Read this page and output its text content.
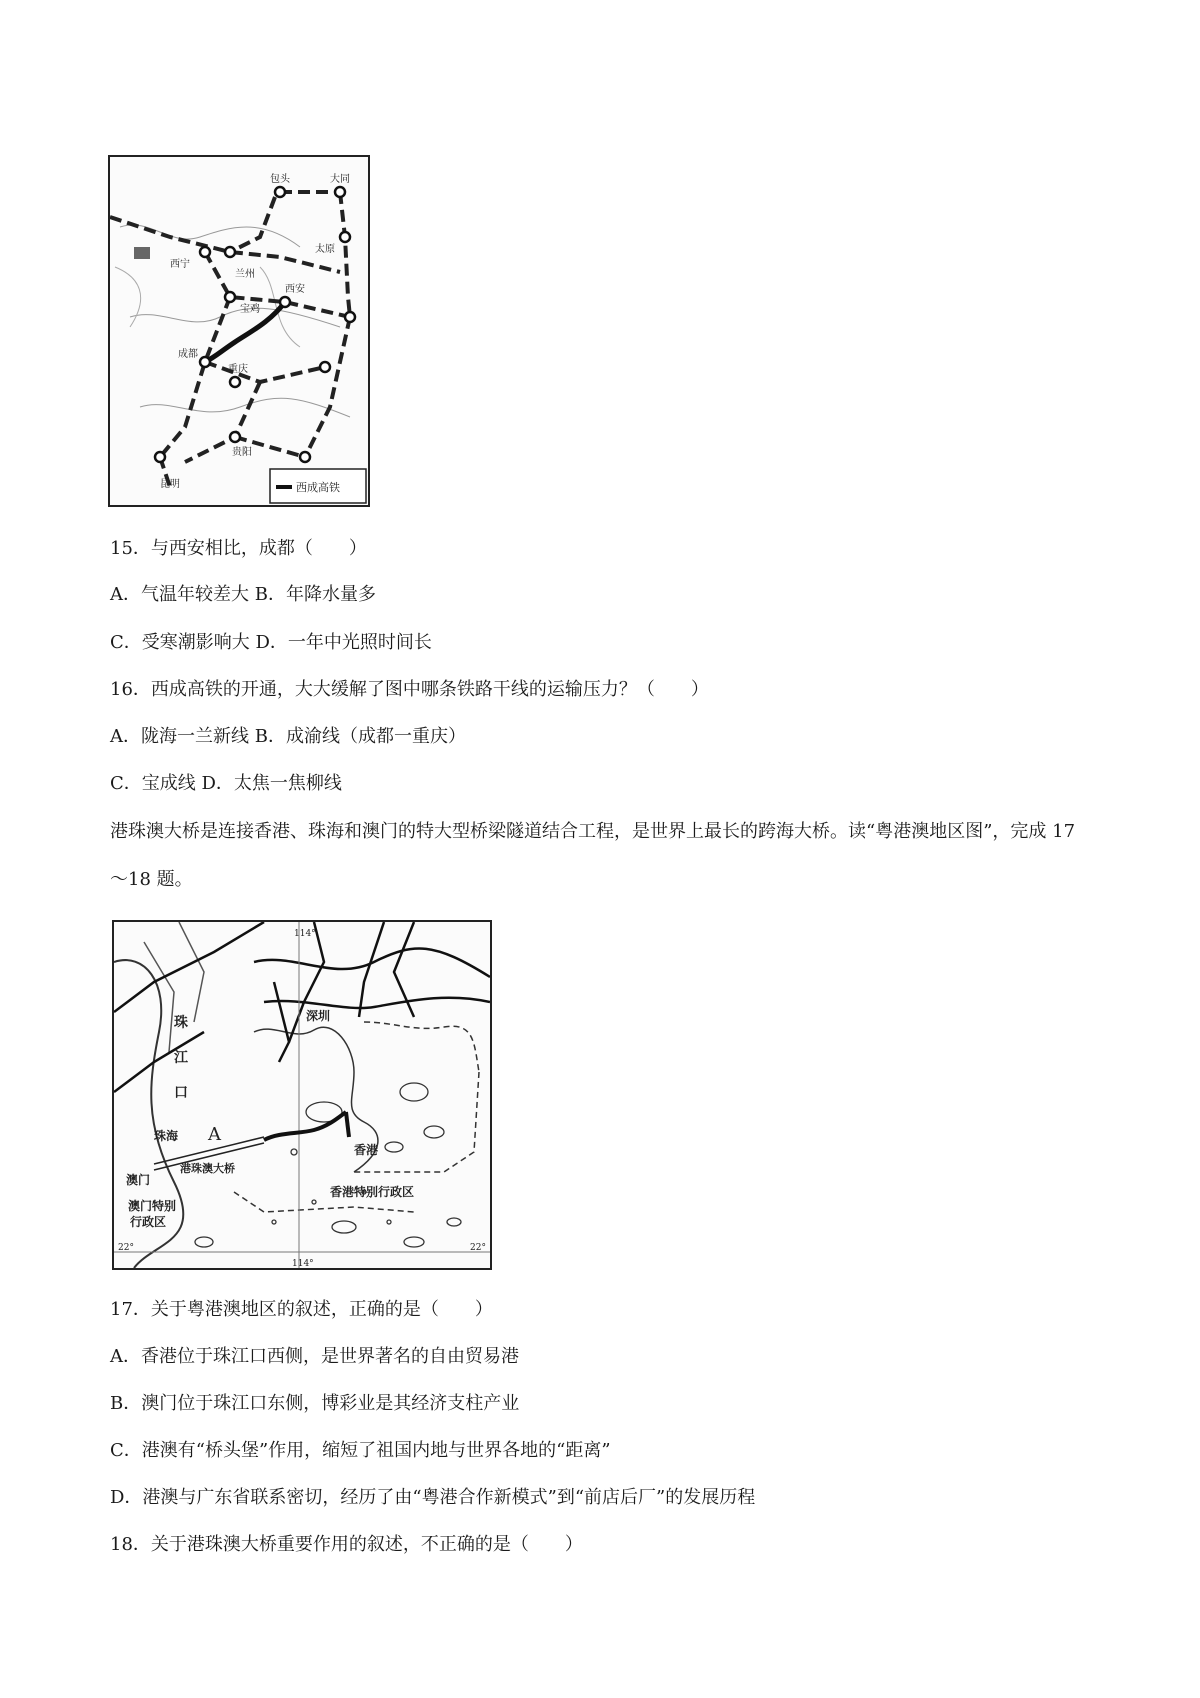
包头	大同
太原
西宁
兰州
宝鸡
西安
成都
重庆
贵阳
昆明	西成高铁
15．与西安相比，成都（　　）
A．气温年较差大 B．年降水量多
C．受寒潮影响大 D．一年中光照时间长
16．西成高铁的开通，大大缓解了图中哪条铁路干线的运输压力？（　　）
A．陇海一兰新线 B．成渝线（成都一重庆）
C．宝成线 D．太焦一焦柳线
港珠澳大桥是连接香港、珠海和澳门的特大型桥梁隧道结合工程，是世界上最长的跨海大桥。读“粤港澳地区图”，完成 17～18 题。
114°
114°
22°	22°
深圳
珠
江
口
珠海 A
港珠澳大桥
澳门
澳门特别
行政区
香港
香港特别行政区
17．关于粤港澳地区的叙述，正确的是（　　）
A．香港位于珠江口西侧，是世界著名的自由贸易港
B．澳门位于珠江口东侧，博彩业是其经济支柱产业
C．港澳有“桥头堡”作用，缩短了祖国内地与世界各地的“距离”
D．港澳与广东省联系密切，经历了由“粤港合作新模式”到“前店后厂”的发展历程
18．关于港珠澳大桥重要作用的叙述，不正确的是（　　）
